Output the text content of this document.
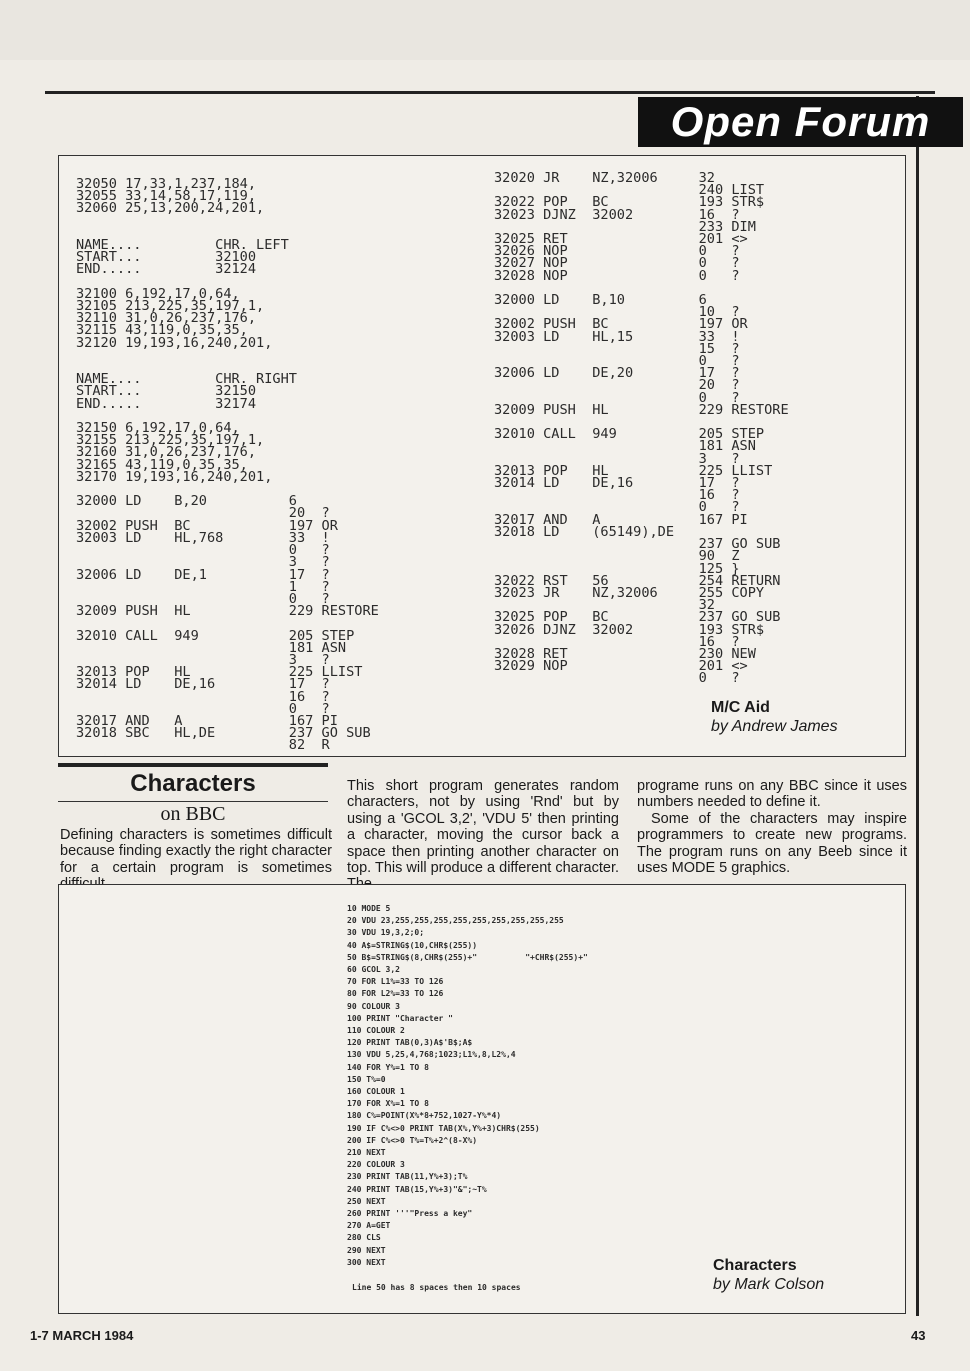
Open Forum
32050 17,33,1,237,184,
32055 33,14,58,17,119,
32060 25,13,200,24,201,

NAME....         CHR. LEFT
START...         32100
END.....         32124

32100 6,192,17,0,64,
32105 213,225,35,197,1,
32110 31,0,26,237,176,
32115 43,119,0,35,35,
32120 19,193,16,240,201,

NAME....         CHR. RIGHT
START...         32150
END.....         32174

32150 6,192,17,0,64,
32155 213,225,35,197,1,
32160 31,0,26,237,176,
32165 43,119,0,35,35,
32170 19,193,16,240,201,

32000 LD    B,20          6
20  ?
32002 PUSH  BC            197 OR
32003 LD    HL,768        33  !
0   ?
3   ?
32006 LD    DE,1          17  ?
1   ?
0   ?
32009 PUSH  HL            229 RESTORE

32010 CALL  949           205 STEP
181 ASN
3   ?
32013 POP   HL            225 LLIST
32014 LD    DE,16         17  ?
16  ?
0   ?
32017 AND   A             167 PI
32018 SBC   HL,DE         237 GO SUB
82  R
32020 JR    NZ,32006     32
240 LIST
32022 POP   BC           193 STR$
32023 DJNZ  32002        16  ?
233 DIM
32025 RET                201 <>
32026 NOP                0   ?
32027 NOP                0   ?
32028 NOP                0   ?

32000 LD    B,10         6
10  ?
32002 PUSH  BC           197 OR
32003 LD    HL,15        33  !
15  ?
0   ?
32006 LD    DE,20        17  ?
20  ?
0   ?
32009 PUSH  HL           229 RESTORE

32010 CALL  949          205 STEP
181 ASN
3   ?
32013 POP   HL           225 LLIST
32014 LD    DE,16        17  ?
16  ?
0   ?
32017 AND   A            167 PI
32018 LD    (65149),DE
237 GO SUB
90  Z
125 }
32022 RST   56           254 RETURN
32023 JR    NZ,32006     255 COPY
32
32025 POP   BC           237 GO SUB
32026 DJNZ  32002        193 STR$
16  ?
32028 RET                230 NEW
32029 NOP                201 <>
0   ?
M/C Aid
by Andrew James
Characters
on BBC
Defining characters is sometimes difficult because finding exactly the right character for a certain program is sometimes
This short program generates random characters, not by using 'Rnd' but by using a 'GCOL 3,2', 'VDU 5' then printing a character, moving the cursor back a space then printing another character on top. This will produce a different character.
programe runs on any BBC since it uses numbers needed to define it.
Some of the characters may inspire programmers to create new programs. The program runs on any Beeb since it uses MODE 5 graphics.
10 MODE 5
20 VDU 23,255,255,255,255,255,255,255,255,255
30 VDU 19,3,2;0;
40 A$=STRING$(10,CHR$(255))
50 B$=STRING$(8,CHR$(255)+"          "+CHR$(255)+"
60 GCOL 3,2
70 FOR L1%=33 TO 126
80 FOR L2%=33 TO 126
90 COLOUR 3
100 PRINT "Character "
110 COLOUR 2
120 PRINT TAB(0,3)A$'B$;A$
130 VDU 5,25,4,768;1023;L1%,8,L2%,4
140 FOR Y%=1 TO 8
150 T%=0
160 COLOUR 1
170 FOR X%=1 TO 8
180 C%=POINT(X%*8+752,1027-Y%*4)
190 IF C%<>0 PRINT TAB(X%,Y%+3)CHR$(255)
200 IF C%<>0 T%=T%+2^(8-X%)
210 NEXT
220 COLOUR 3
230 PRINT TAB(11,Y%+3);T%
240 PRINT TAB(15,Y%+3)"&";~T%
250 NEXT
260 PRINT '''"Press a key"
270 A=GET
280 CLS
290 NEXT
300 NEXT
Line 50 has 8 spaces then 10 spaces
Characters
by Mark Colson
1-7 MARCH 1984	43
